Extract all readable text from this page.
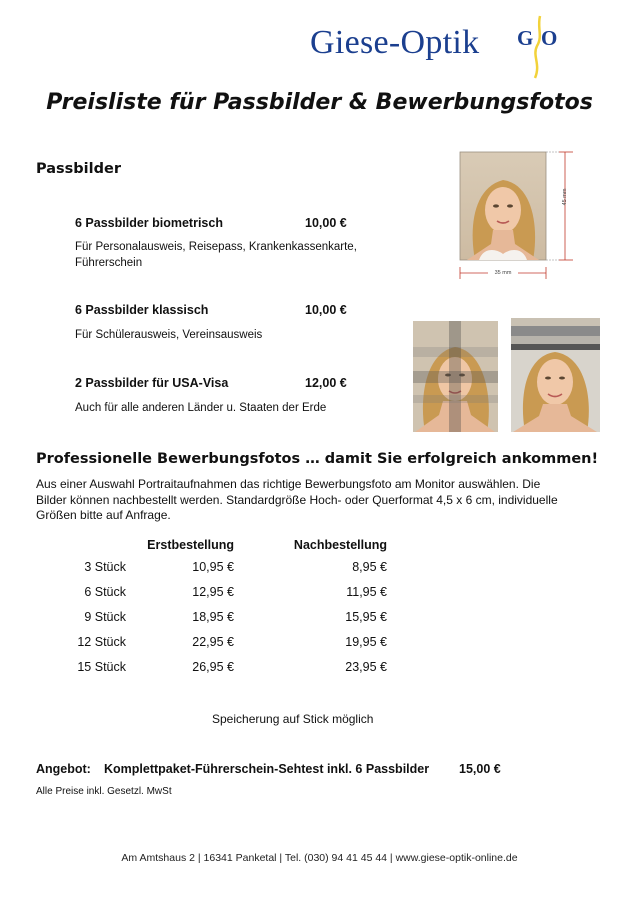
Giese-Optik G O
Preisliste für Passbilder & Bewerbungsfotos
Passbilder
6 Passbilder biometrisch	10,00 €
Für Personalausweis, Reisepass, Krankenkassenkarte,
Führerschein
6 Passbilder klassisch	10,00 €
Für Schülerausweis, Vereinsausweis
2 Passbilder für USA-Visa	12,00 €
Auch für alle anderen Länder u. Staaten der Erde
45 mm
35 mm
Professionelle Bewerbungsfotos … damit Sie erfolgreich ankommen!
Aus einer Auswahl Portraitaufnahmen das richtige Bewerbungsfoto am Monitor auswählen. Die
Bilder können nachbestellt werden. Standardgröße Hoch- oder Querformat 4,5 x 6 cm, individuelle
Größen bitte auf Anfrage.
	Erstbestellung	Nachbestellung
3 Stück	10,95 €	8,95 €
6 Stück	12,95 €	11,95 €
9 Stück	18,95 €	15,95 €
12 Stück	22,95 €	19,95 €
15 Stück	26,95 €	23,95 €
Speicherung auf Stick möglich
Angebot: Komplettpaket-Führerschein-Sehtest inkl. 6 Passbilder 15,00 €
Alle Preise inkl. Gesetzl. MwSt
Am Amtshaus 2 | 16341 Panketal | Tel. (030) 94 41 45 44 | www.giese-optik-online.de
